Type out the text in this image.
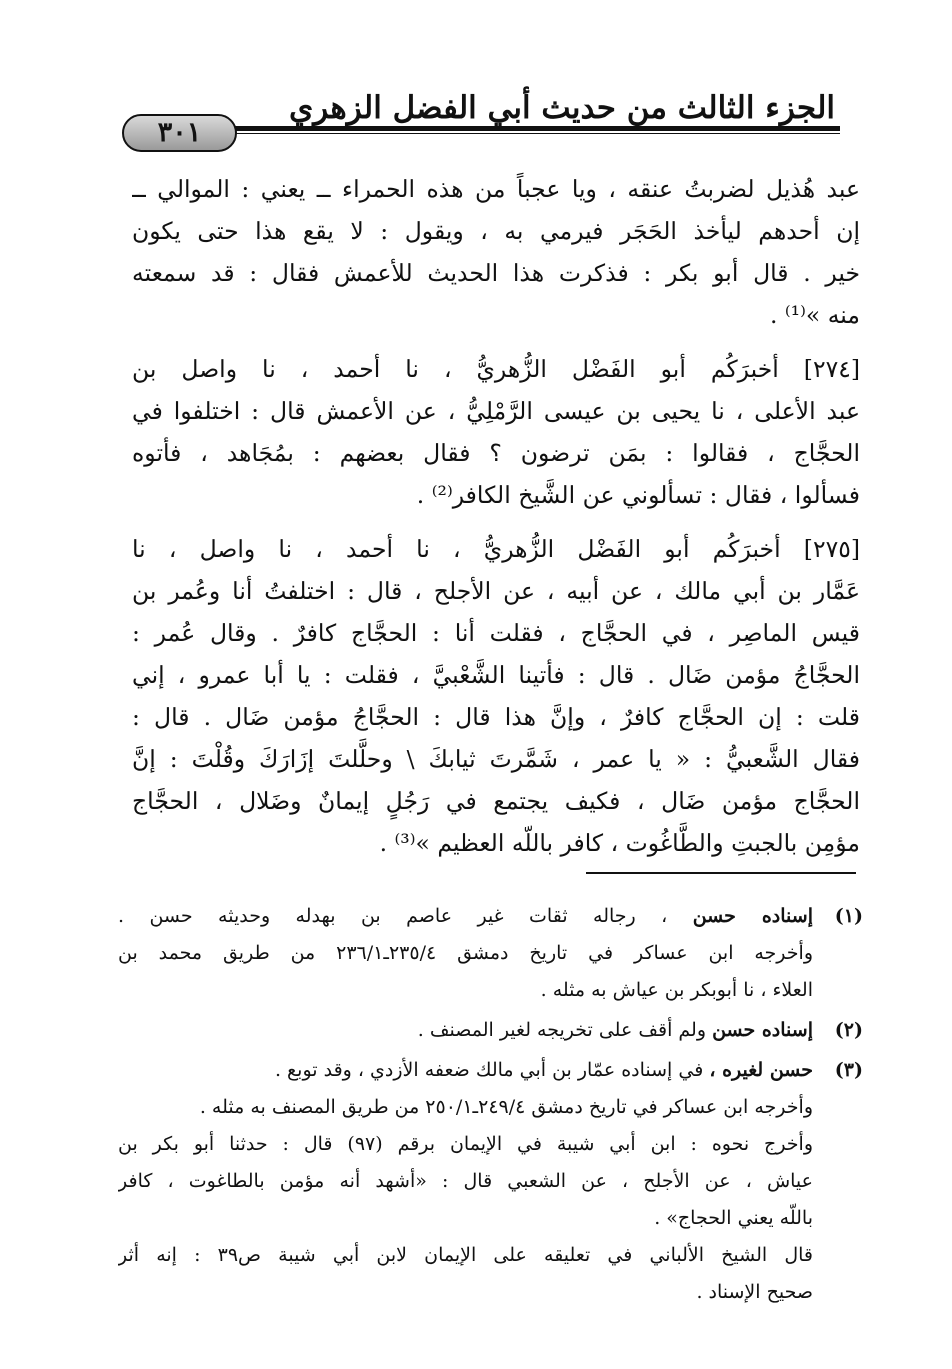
الجزء الثالث من حديث أبي الفضل الزهري
٣٠١
عبد هُذيل لضربتُ عنقه ، ويا عجباً من هذه الحمراء ــ يعني : الموالي ــ
إن أحدهم ليأخذ الحَجَر فيرمي به ، ويقول : لا يقع هذا حتى يكون
خير . قال أبو بكر : فذكرت هذا الحديث للأعمش فقال : قد سمعته
منه »⁽¹⁾ .
[٢٧٤] أخبرَكُم أبو الفَضْل الزُّهريُّ ، نا أحمد ، نا واصل بن
عبد الأعلى ، نا يحيى بن عيسى الرَّمْلِيُّ ، عن الأعمش قال : اختلفوا في
الحجَّاج ، فقالوا : بمَن ترضون ؟ فقال بعضهم : بمُجَاهد ، فأتوه
فسألوا ، فقال : تسألوني عن الشَّيخ الكافر⁽²⁾ .
[٢٧٥] أخبرَكُم أبو الفَضْل الزُّهريُّ ، نا أحمد ، نا واصل ، نا
عَمَّار بن أبي مالك ، عن أبيه ، عن الأجلح ، قال : اختلفتُ أنا وعُمر بن
قيس الماصِر ، في الحجَّاج ، فقلت أنا : الحجَّاج كافرٌ . وقال عُمر :
الحجَّاجُ مؤمن ضَال . قال : فأتينا الشَّعْبيَّ ، فقلت : يا أبا عمرو ، إني
قلت : إن الحجَّاج كافرٌ ، وإنَّ هذا قال : الحجَّاجُ مؤمن ضَال . قال :
فقال الشَّعبيُّ : « يا عمر ، شَمَّرتَ ثيابكَ \ وحلَّلتَ إزَارَكَ وقُلْتَ : إنَّ
الحجَّاج مؤمن ضَال ، فكيف يجتمع في رَجُلٍ إيمانٌ وضَلال ، الحجَّاج
مؤمِن بالجبتِ والطَّاغُوت ، كافر باللّه العظيم »⁽³⁾ .
(١)
إسناده حسن ، رجاله ثقات غير عاصم بن بهدله وحديثه حسن .
وأخرجه ابن عساكر في تاريخ دمشق ٢٣٥/٤ـ٢٣٦/١ من طريق محمد بن
العلاء ، نا أبوبكر بن عياش به مثله .
(٢)
إسناده حسن ولم أقف على تخريجه لغير المصنف .
(٣)
حسن لغيره ، في إسناده عمّار بن أبي مالك ضعفه الأزدي ، وقد توبع .
وأخرجه ابن عساكر في تاريخ دمشق ٢٤٩/٤ـ٢٥٠/١ من طريق المصنف به مثله .
وأخرج نحوه : ابن أبي شيبة في الإيمان برقم (٩٧) قال : حدثنا أبو بكر بن
عياش ، عن الأجلح ، عن الشعبي قال : «أشهد أنه مؤمن بالطاغوت ، كافر
باللّه يعني الحجاج» .
قال الشيخ الألباني في تعليقه على الإيمان لابن أبي شيبة ص٣٩ : إنه أثر
صحيح الإسناد .
